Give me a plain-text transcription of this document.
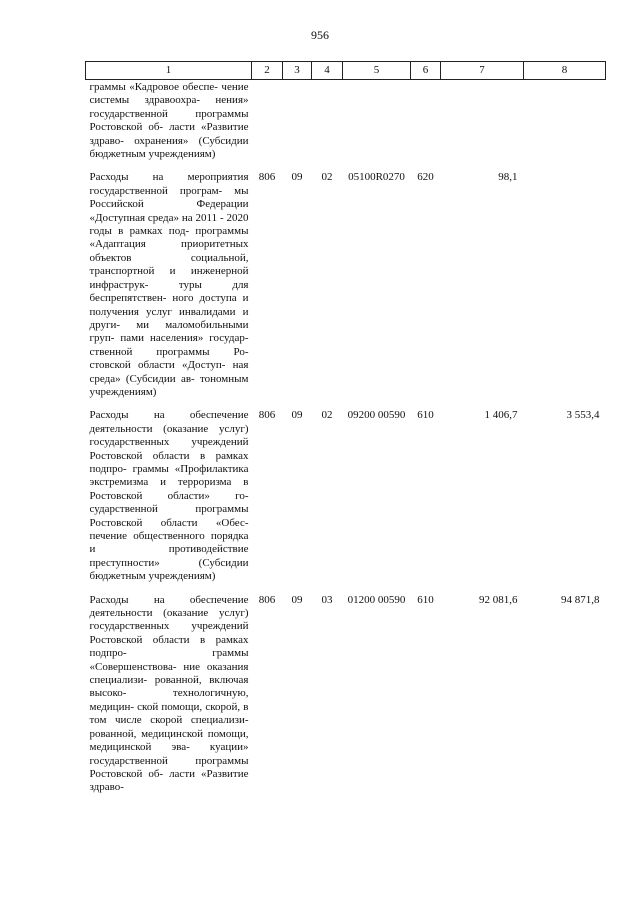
956
1	2	3	4	5	6	7	8
граммы «Кадровое обеспе- чение системы здравоохра- нения» государственной программы Ростовской об- ласти «Развитие здраво- охранения» (Субсидии бюджетным учреждениям)							
Расходы на мероприятия государственной програм- мы Российской Федерации «Доступная среда» на 2011 - 2020 годы в рамках под- программы «Адаптация приоритетных объектов социальной, транспортной и инженерной инфраструк- туры для беспрепятствен- ного доступа и получения услуг инвалидами и други- ми маломобильными груп- пами населения» государ- ственной программы Ро- стовской области «Доступ- ная среда» (Субсидии ав- тономным учреждениям)	806	09	02	05100R0270	620	98,1	
Расходы на обеспечение деятельности (оказание услуг) государственных учреждений Ростовской области в рамках подпро- граммы «Профилактика экстремизма и терроризма в Ростовской области» го- сударственной программы Ростовской области «Обес- печение общественного порядка и противодействие преступности» (Субсидии бюджетным учреждениям)	806	09	02	09200 00590	610	1 406,7	3 553,4
Расходы на обеспечение деятельности (оказание услуг) государственных учреждений Ростовской области в рамках подпро- граммы «Совершенствова- ние оказания специализи- рованной, включая высоко- технологичную, медицин- ской помощи, скорой, в том числе скорой специализи- рованной, медицинской помощи, медицинской эва- куации» государственной программы Ростовской об- ласти «Развитие здраво-	806	09	03	01200 00590	610	92 081,6	94 871,8
